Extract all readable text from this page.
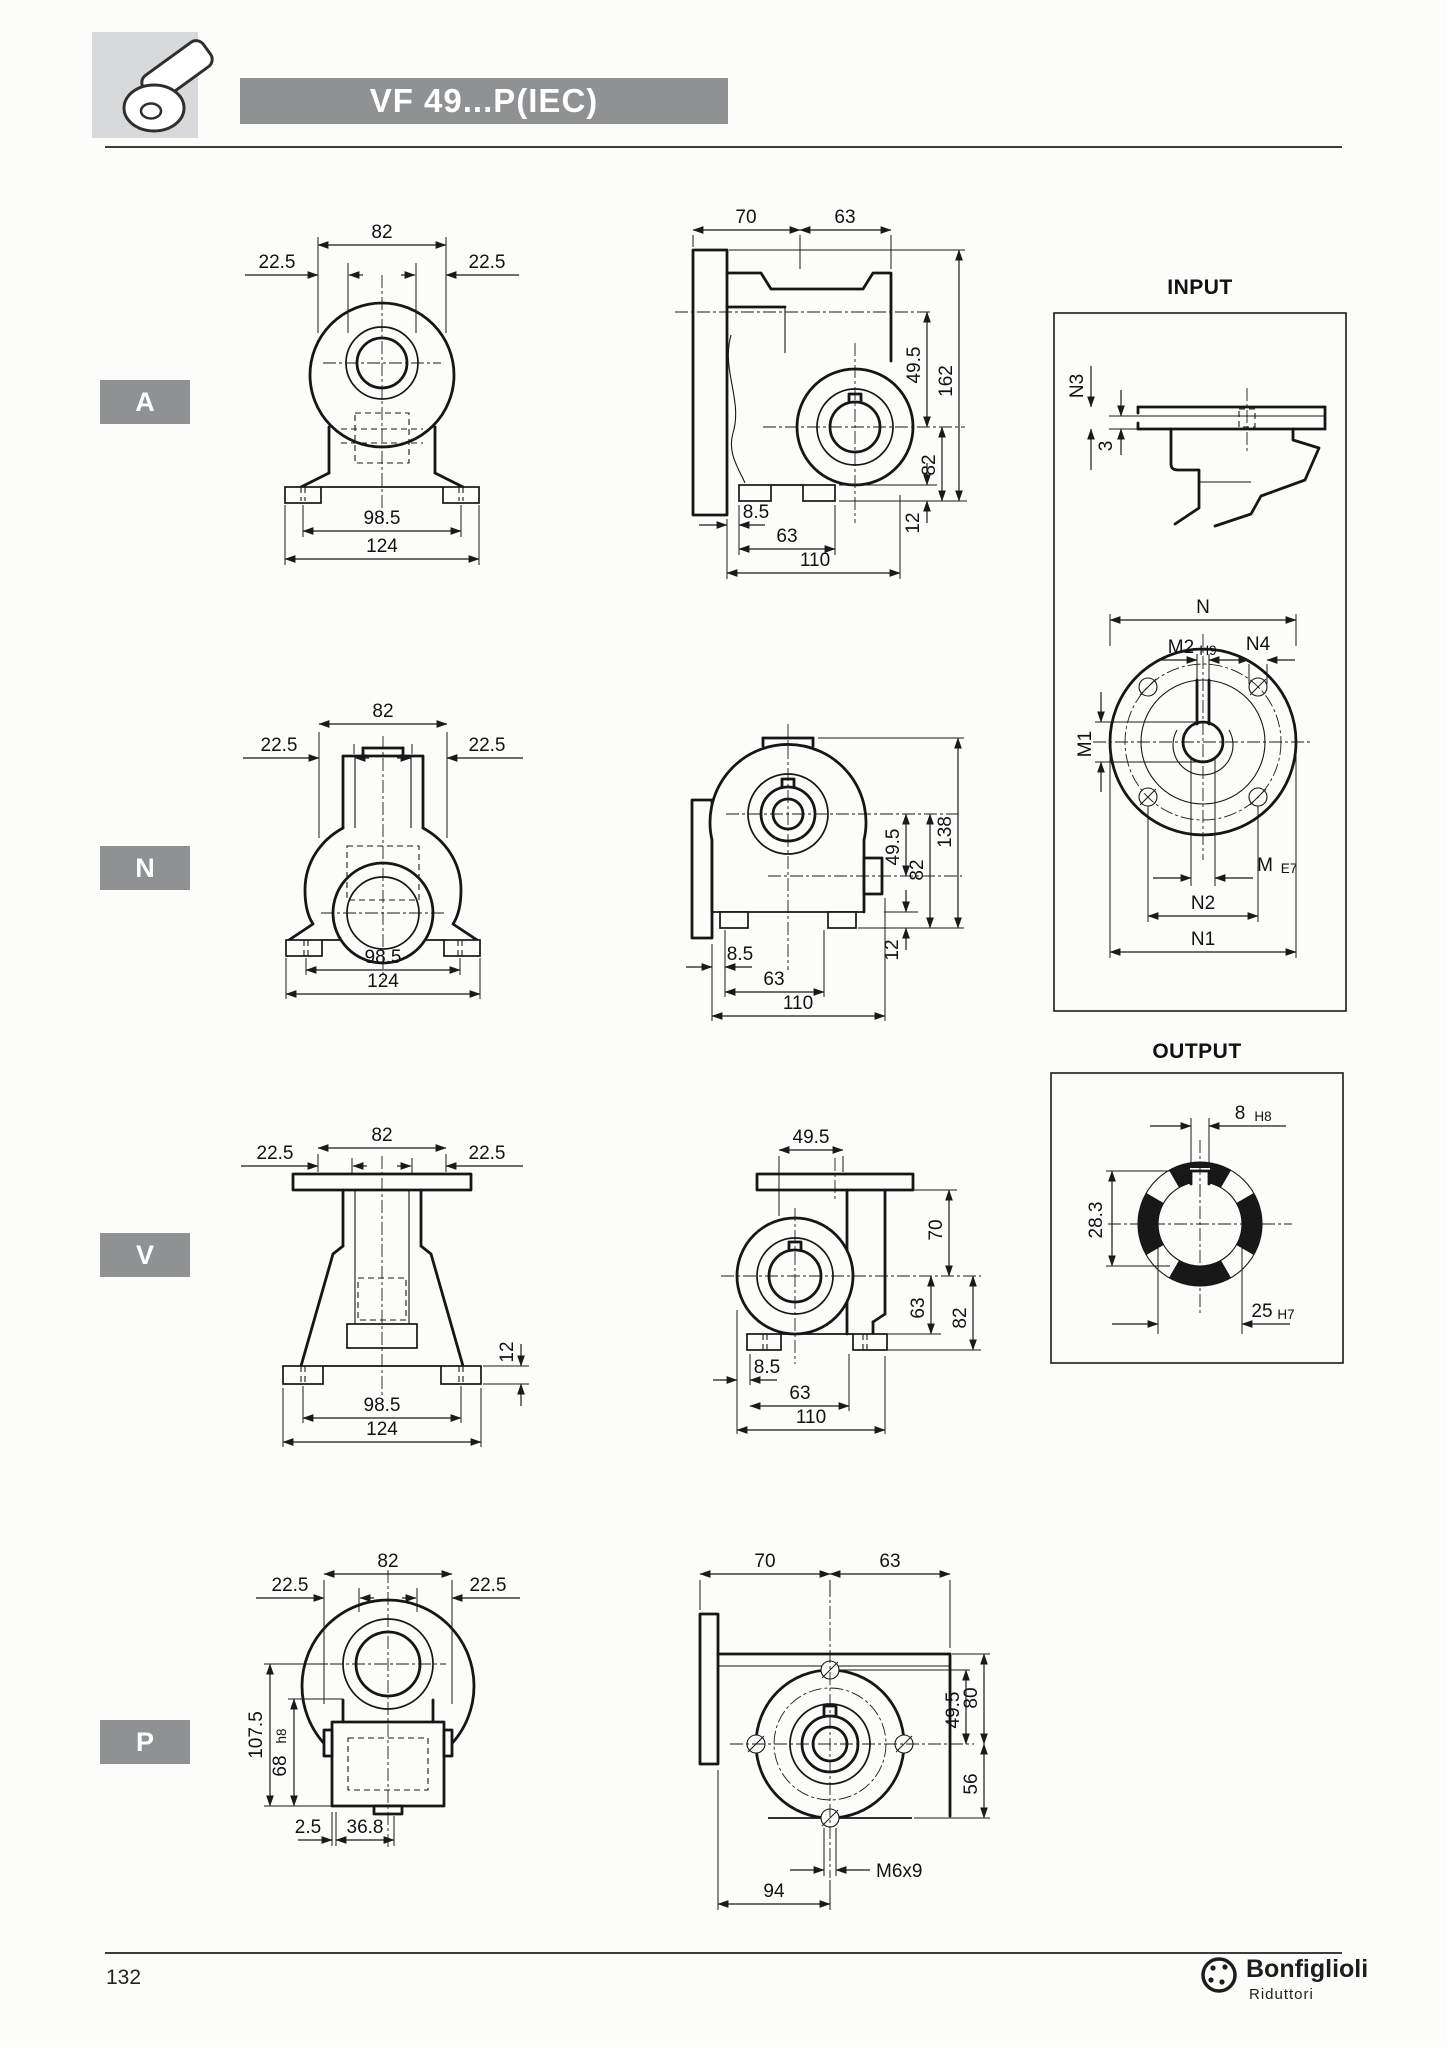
VF 49...P(IEC)
A
N
V
P
82
22.5	22.5
98.5
124
70	63
49.5 162
82
12
8.5
63
110
82
22.5	22.5
98.5
124
49.5
82
138
12
8.5
63
110
INPUT
N3
3
N
M2 H9 N4
M1
M E7
N2
N1
82
22.5	22.5
12
98.5
124
49.5
70
63 82
8.5
63
110
OUTPUT
8 H8
28.3
25 H7
82
22.5	22.5
107.5
68
h8
2.5 36.8
70	63
80
49.5
56
M6x9
94
132	Bonfiglioli
Riduttori
